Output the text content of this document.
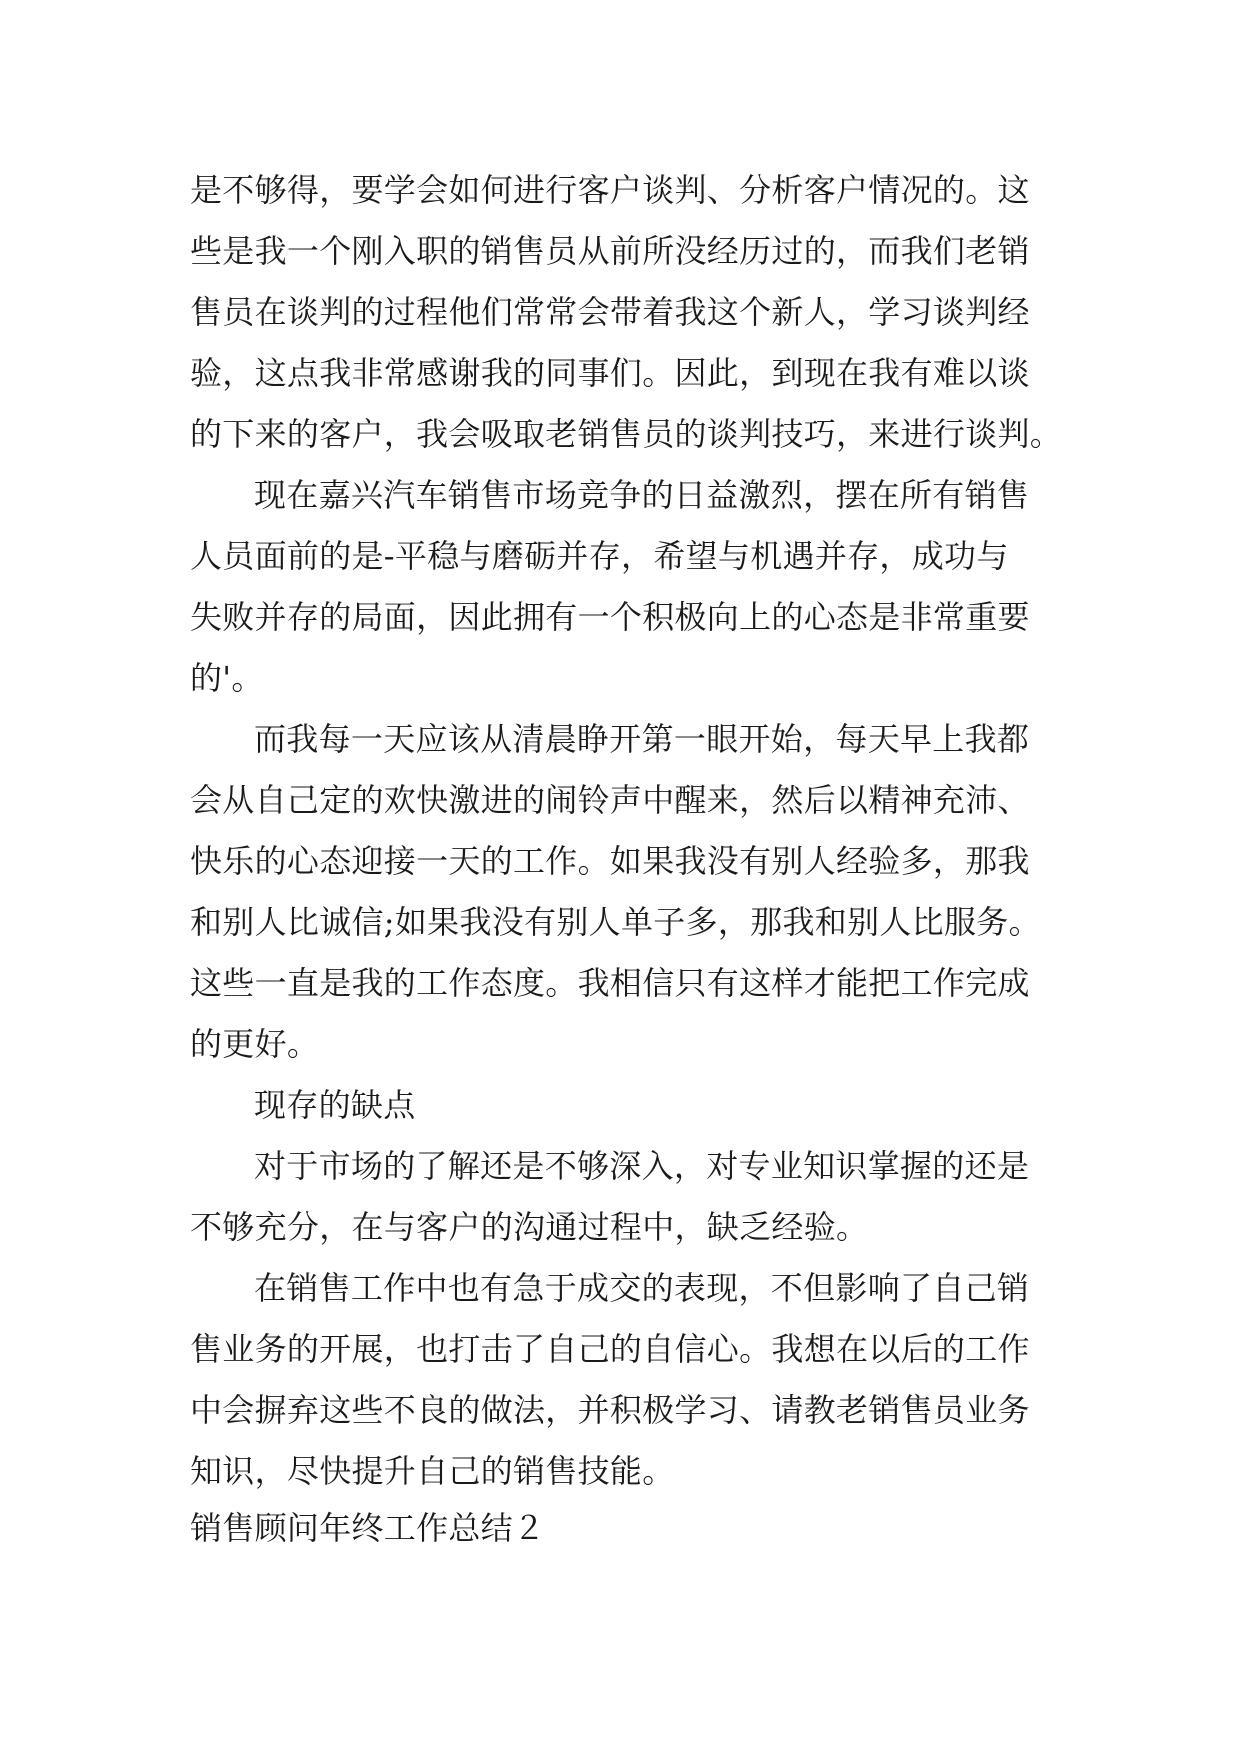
是不够得，要学会如何进行客户谈判、分析客户情况的。这
些是我一个刚入职的销售员从前所没经历过的，而我们老销
售员在谈判的过程他们常常会带着我这个新人，学习谈判经
验，这点我非常感谢我的同事们。因此，到现在我有难以谈
的下来的客户，我会吸取老销售员的谈判技巧，来进行谈判。
现在嘉兴汽车销售市场竞争的日益激烈，摆在所有销售
人员面前的是-平稳与磨砺并存，希望与机遇并存，成功与
失败并存的局面，因此拥有一个积极向上的心态是非常重要
的'。
而我每一天应该从清晨睁开第一眼开始，每天早上我都
会从自己定的欢快激进的闹铃声中醒来，然后以精神充沛、
快乐的心态迎接一天的工作。如果我没有别人经验多，那我
和别人比诚信;如果我没有别人单子多，那我和别人比服务。
这些一直是我的工作态度。我相信只有这样才能把工作完成
的更好。
现存的缺点
对于市场的了解还是不够深入，对专业知识掌握的还是
不够充分，在与客户的沟通过程中，缺乏经验。
在销售工作中也有急于成交的表现，不但影响了自己销
售业务的开展，也打击了自己的自信心。我想在以后的工作
中会摒弃这些不良的做法，并积极学习、请教老销售员业务
知识，尽快提升自己的销售技能。
销售顾问年终工作总结２
